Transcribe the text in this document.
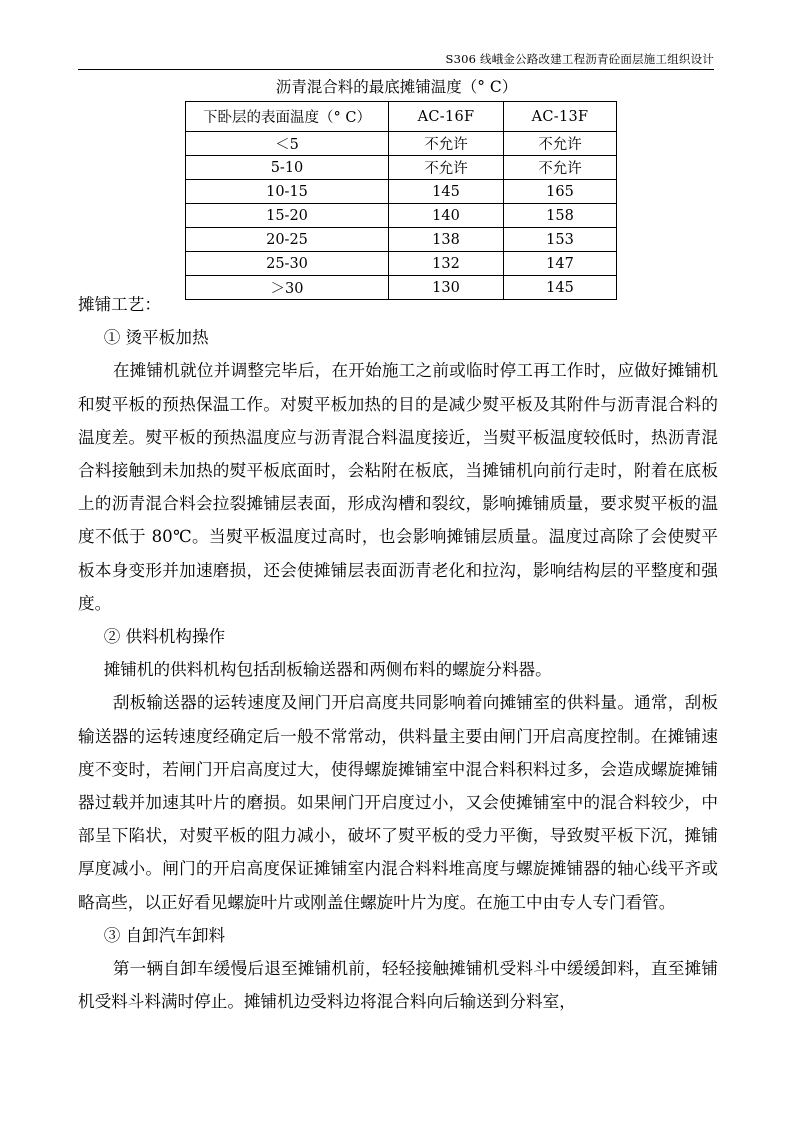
S306 线峨金公路改建工程沥青砼面层施工组织设计
沥青混合料的最底摊铺温度（° C）
下卧层的表面温度（° C）	AC-16F	AC-13F
＜5	不允许	不允许
5-10	不允许	不允许
10-15	145	165
15-20	140	158
20-25	138	153
25-30	132	147
＞30	130	145

摊铺工艺：

① 烫平板加热

在摊铺机就位并调整完毕后，在开始施工之前或临时停工再工作时，应做好摊铺机和熨平板的预热保温工作。对熨平板加热的目的是减少熨平板及其附件与沥青混合料的温度差。熨平板的预热温度应与沥青混合料温度接近，当熨平板温度较低时，热沥青混合料接触到未加热的熨平板底面时，会粘附在板底，当摊铺机向前行走时，附着在底板上的沥青混合料会拉裂摊铺层表面，形成沟槽和裂纹，影响摊铺质量，要求熨平板的温度不低于 80℃。当熨平板温度过高时，也会影响摊铺层质量。温度过高除了会使熨平板本身变形并加速磨损，还会使摊铺层表面沥青老化和拉沟，影响结构层的平整度和强度。

② 供料机构操作

摊铺机的供料机构包括刮板输送器和两侧布料的螺旋分料器。

刮板输送器的运转速度及闸门开启高度共同影响着向摊铺室的供料量。通常，刮板输送器的运转速度经确定后一般不常常动，供料量主要由闸门开启高度控制。在摊铺速度不变时，若闸门开启高度过大，使得螺旋摊铺室中混合料积料过多，会造成螺旋摊铺器过载并加速其叶片的磨损。如果闸门开启度过小，又会使摊铺室中的混合料较少，中部呈下陷状，对熨平板的阻力减小，破坏了熨平板的受力平衡，导致熨平板下沉，摊铺厚度减小。闸门的开启高度保证摊铺室内混合料料堆高度与螺旋摊铺器的轴心线平齐或略高些，以正好看见螺旋叶片或刚盖住螺旋叶片为度。在施工中由专人专门看管。

③ 自卸汽车卸料

第一辆自卸车缓慢后退至摊铺机前，轻轻接触摊铺机受料斗中缓缓卸料，直至摊铺机受料斗料满时停止。摊铺机边受料边将混合料向后输送到分料室，
